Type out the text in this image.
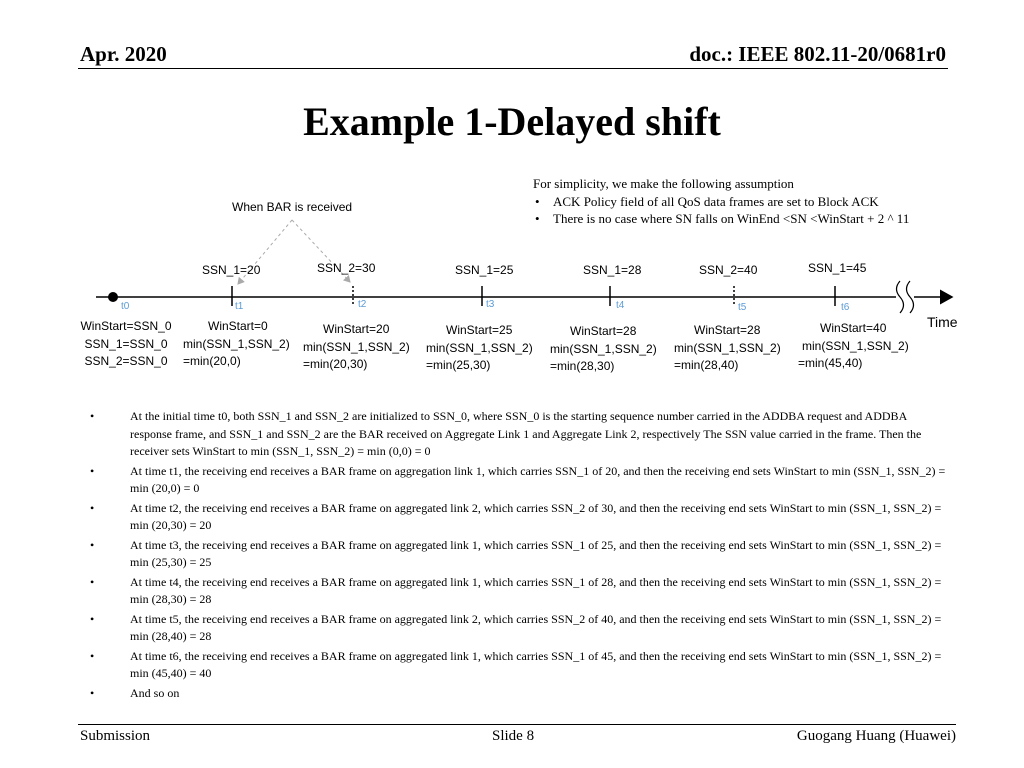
Apr. 2020	doc.: IEEE 802.11-20/0681r0
Example 1-Delayed shift
For simplicity, we make the following assumption
• ACK Policy field of all QoS data frames are set to Block ACK
• There is no case where SN falls on WinEnd <SN <WinStart + 2 ^ 11
When BAR is received
t0	t1	t2	t3	t4	t5	t6
SSN_1=20	SSN_2=30	SSN_1=25	SSN_1=28	SSN_2=40	SSN_1=45
Time
WinStart=SSN_0
SSN_1=SSN_0
SSN_2=SSN_0
WinStart=0
min(SSN_1,SSN_2)
=min(20,0)
WinStart=20
min(SSN_1,SSN_2)
=min(20,30)
WinStart=25
min(SSN_1,SSN_2)
=min(25,30)
WinStart=28
min(SSN_1,SSN_2)
=min(28,30)
WinStart=28
min(SSN_1,SSN_2)
=min(28,40)
WinStart=40
min(SSN_1,SSN_2)
=min(45,40)
• At the initial time t0, both SSN_1 and SSN_2 are initialized to SSN_0, where SSN_0 is the starting sequence number carried in the ADDBA request and ADDBA response frame, and SSN_1 and SSN_2 are the BAR received on Aggregate Link 1 and Aggregate Link 2, respectively The SSN value carried in the frame. Then the receiver sets WinStart to min (SSN_1, SSN_2) = min (0,0) = 0
• At time t1, the receiving end receives a BAR frame on aggregation link 1, which carries SSN_1 of 20, and then the receiving end sets WinStart to min (SSN_1, SSN_2) = min (20,0) = 0
• At time t2, the receiving end receives a BAR frame on aggregated link 2, which carries SSN_2 of 30, and then the receiving end sets WinStart to min (SSN_1, SSN_2) = min (20,30) = 20
• At time t3, the receiving end receives a BAR frame on aggregated link 1, which carries SSN_1 of 25, and then the receiving end sets WinStart to min (SSN_1, SSN_2) = min (25,30) = 25
• At time t4, the receiving end receives a BAR frame on aggregated link 1, which carries SSN_1 of 28, and then the receiving end sets WinStart to min (SSN_1, SSN_2) = min (28,30) = 28
• At time t5, the receiving end receives a BAR frame on aggregated link 2, which carries SSN_2 of 40, and then the receiving end sets WinStart to min (SSN_1, SSN_2) = min (28,40) = 28
• At time t6, the receiving end receives a BAR frame on aggregated link 1, which carries SSN_1 of 45, and then the receiving end sets WinStart to min (SSN_1, SSN_2) = min (45,40) = 40
• And so on
Submission	Slide 8	Guogang Huang (Huawei)
